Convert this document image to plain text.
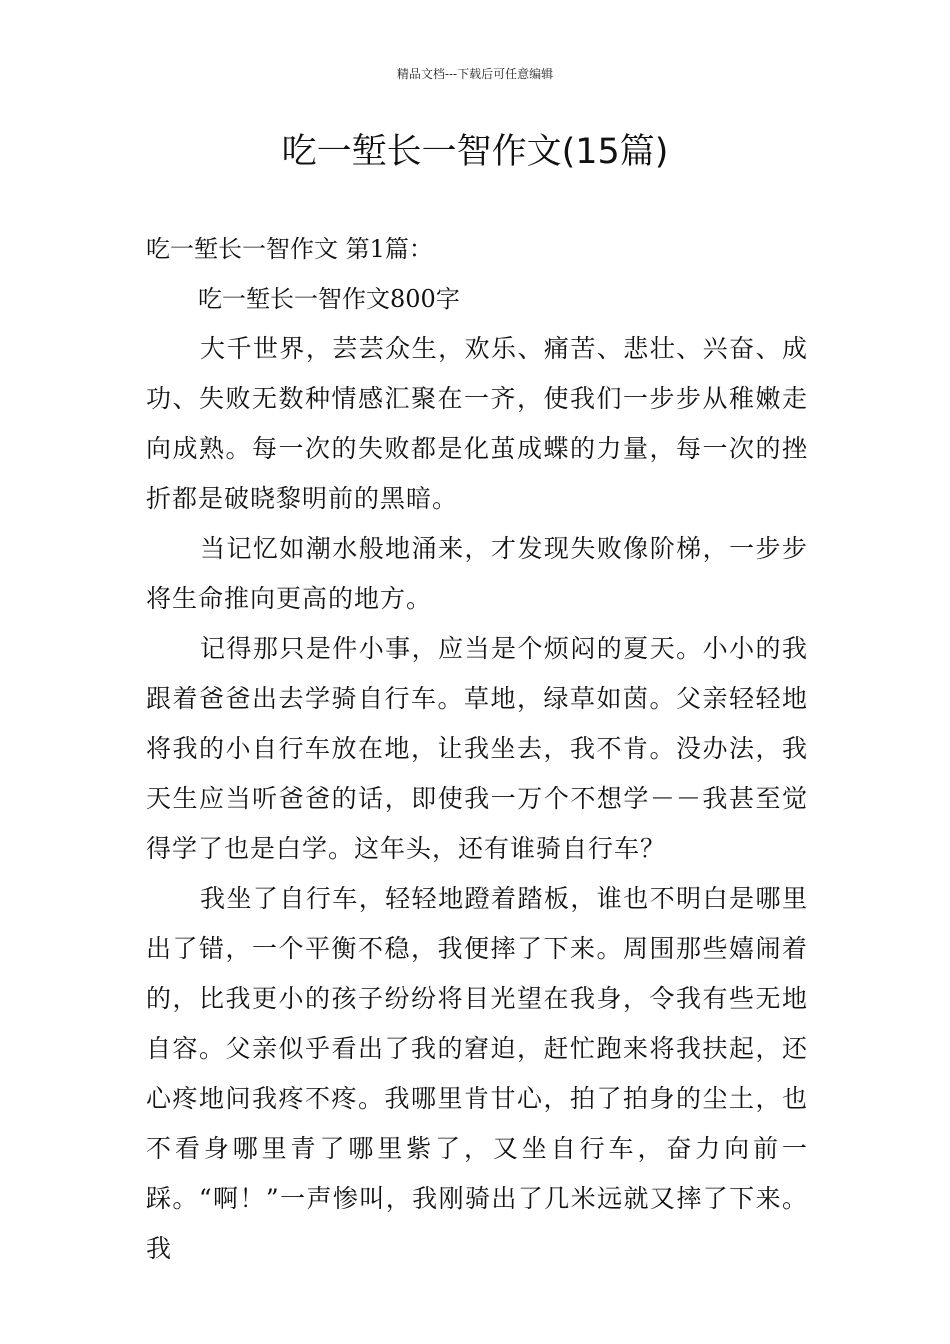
精品文档---下载后可任意编辑
吃一堑长一智作文(15篇)

吃一堑长一智作文 第1篇：

吃一堑长一智作文800字

大千世界，芸芸众生，欢乐、痛苦、悲壮、兴奋、成功、失败无数种情感汇聚在一齐，使我们一步步从稚嫩走向成熟。每一次的失败都是化茧成蝶的力量，每一次的挫折都是破晓黎明前的黑暗。

当记忆如潮水般地涌来，才发现失败像阶梯，一步步将生命推向更高的地方。

记得那只是件小事，应当是个烦闷的夏天。小小的我跟着爸爸出去学骑自行车。草地，绿草如茵。父亲轻轻地将我的小自行车放在地，让我坐去，我不肯。没办法，我天生应当听爸爸的话，即使我一万个不想学－－我甚至觉得学了也是白学。这年头，还有谁骑自行车？

我坐了自行车，轻轻地蹬着踏板，谁也不明白是哪里出了错，一个平衡不稳，我便摔了下来。周围那些嬉闹着的，比我更小的孩子纷纷将目光望在我身，令我有些无地自容。父亲似乎看出了我的窘迫，赶忙跑来将我扶起，还心疼地问我疼不疼。我哪里肯甘心，拍了拍身的尘土，也不看身哪里青了哪里紫了，又坐自行车，奋力向前一踩。“啊！”一声惨叫，我刚骑出了几米远就又摔了下来。我
